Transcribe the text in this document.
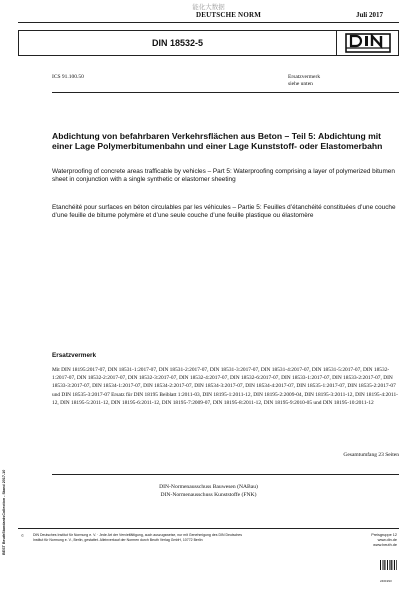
能化大数据
DEUTSCHE NORM	Juli 2017
DIN 18532-5
ICS 91.100.50	Ersatzvermerk
siehe unten
Abdichtung von befahrbaren Verkehrsflächen aus Beton – Teil 5: Abdichtung mit einer Lage Polymerbitumenbahn und einer Lage Kunststoff- oder Elastomerbahn
Waterproofing of concrete areas trafficable by vehicles – Part 5: Waterproofing comprising a layer of polymerized bitumen sheet in conjunction with a single synthetic or elastomer sheeting
Etanchéité pour surfaces en béton circulables par les véhicules – Partie 5: Feuilles d’étanchéité constituées d’une couche d’une feuille de bitume polymère et d’une seule couche d’une feuille plastique ou élastomère
Ersatzvermerk
Mit DIN 18195:2017-07, DIN 18531-1:2017-07, DIN 18531-2:2017-07, DIN 18531-3:2017-07, DIN 18531-4:2017-07, DIN 18531-5:2017-07, DIN 18532-1:2017-07, DIN 18532-2:2017-07, DIN 18532-3:2017-07, DIN 18532-4:2017-07, DIN 18532-6:2017-07, DIN 18533-1:2017-07, DIN 18533-2:2017-07, DIN 18533-3:2017-07, DIN 18534-1:2017-07, DIN 18534-2:2017-07, DIN 18534-3:2017-07, DIN 18534-4:2017-07, DIN 18535-1:2017-07, DIN 18535-2:2017-07 und DIN 18535-3:2017-07 Ersatz für DIN 18195 Beiblatt 1:2011-03, DIN 18195-1:2011-12, DIN 18195-2:2009-04, DIN 18195-3:2011-12, DIN 18195-4:2011-12, DIN 18195-5:2011-12, DIN 18195-6:2011-12, DIN 18195-7:2009-07, DIN 18195-8:2011-12, DIN 18195-9:2010-05 und DIN 18195-10:2011-12
Gesamtumfang 23 Seiten
DIN-Normenausschuss Bauwesen (NABau)
DIN-Normenausschuss Kunststoffe (FNK)
©	DIN Deutsches Institut für Normung e. V. · Jede Art der Vervielfältigung, auch auszugsweise, nur mit Genehmigung des DIN Deutsches Institut für Normung e. V., Berlin, gestattet. Alleinverkauf der Normen durch Beuth Verlag GmbH, 10772 Berlin
Preisgruppe 12
www.din.de
www.beuth.de
2461993
BEST BeuthStandardsCollection - Stand 2017-10
